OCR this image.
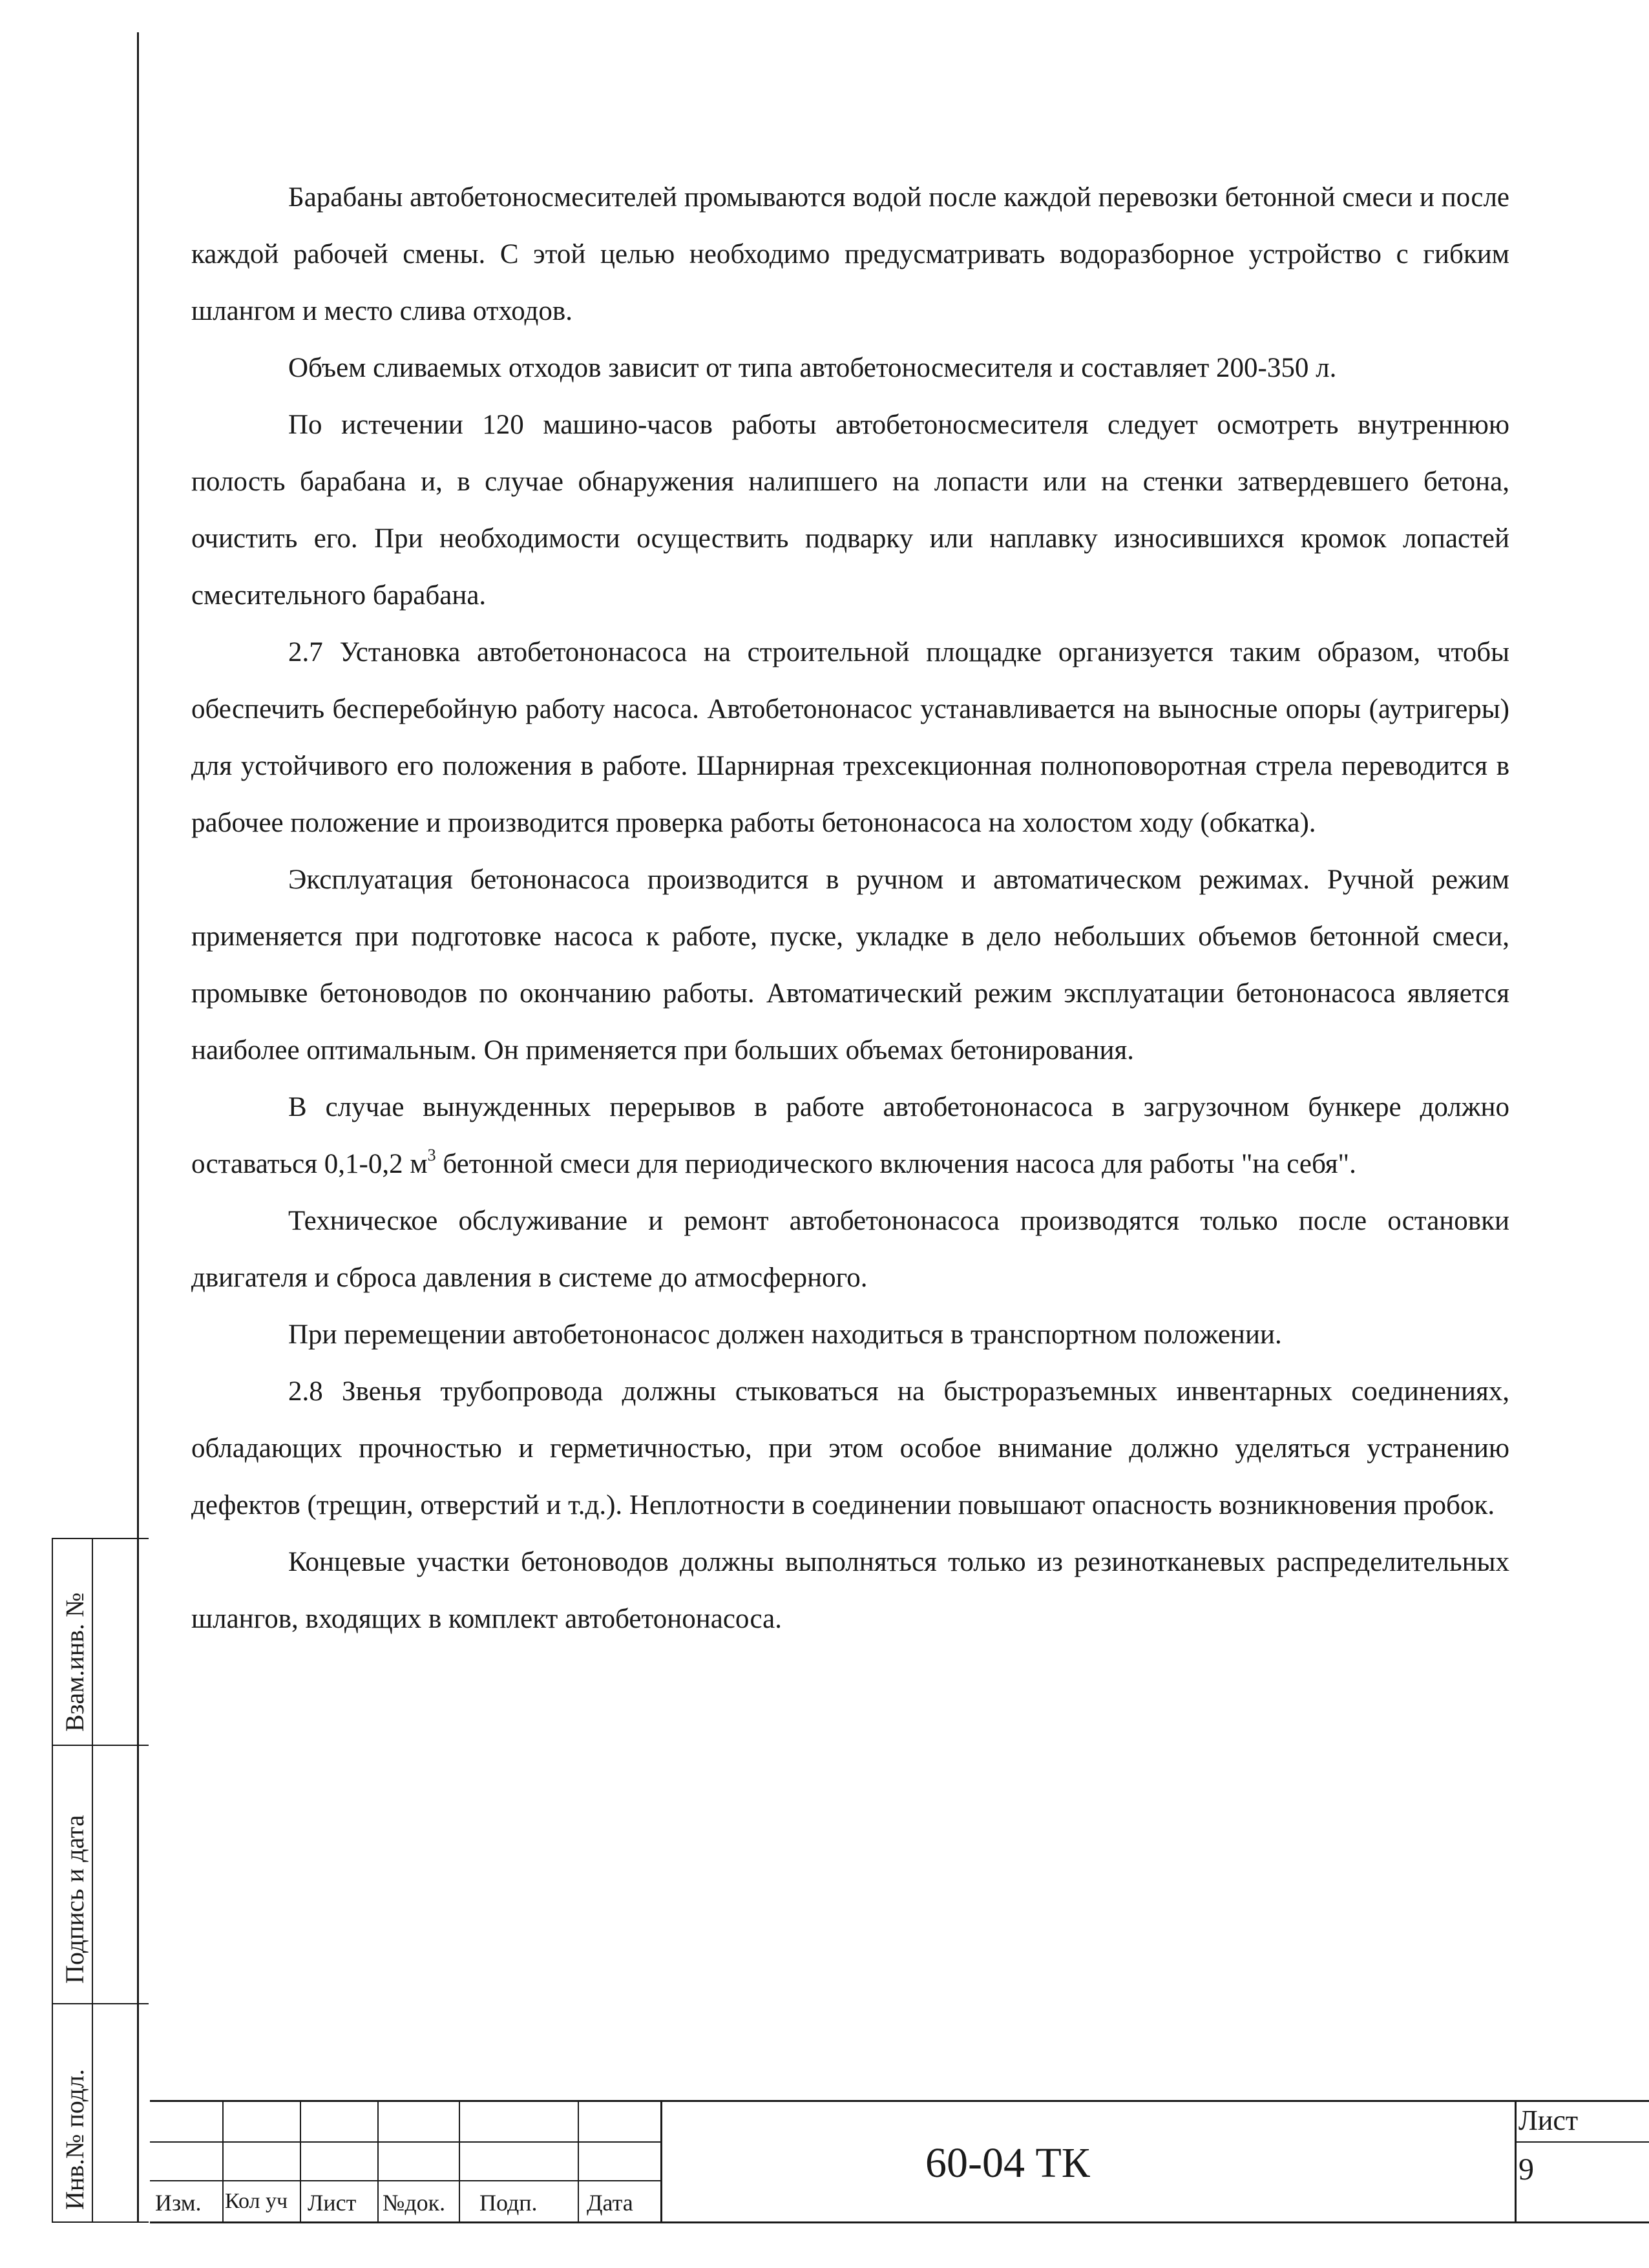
Барабаны автобетоносмесителей промываются водой после каждой перевозки бетонной смеси и после каждой рабочей смены. С этой целью необходимо предусматривать водоразборное устройство с гибким шлангом и место слива отходов.

Объем сливаемых отходов зависит от типа автобетоносмесителя и составляет 200-350 л.

По истечении 120 машино-часов работы автобетоносмесителя следует осмотреть внутреннюю полость барабана и, в случае обнаружения налипшего на лопасти или на стенки затвердевшего бетона, очистить его. При необходимости осуществить подварку или наплавку износившихся кромок лопастей смесительного барабана.

2.7 Установка автобетононасоса на строительной площадке организуется таким образом, чтобы обеспечить бесперебойную работу насоса. Автобетононасос устанавливается на выносные опоры (аутригеры) для устойчивого его положения в работе. Шарнирная трехсекционная полноповоротная стрела переводится в рабочее положение и производится проверка работы бетононасоса на холостом ходу (обкатка).

Эксплуатация бетононасоса производится в ручном и автоматическом режимах. Ручной режим применяется при подготовке насоса к работе, пуске, укладке в дело небольших объемов бетонной смеси, промывке бетоноводов по окончанию работы. Автоматический режим эксплуатации бетононасоса является наиболее оптимальным. Он применяется при больших объемах бетонирования.

В случае вынужденных перерывов в работе автобетононасоса в загрузочном бункере должно оставаться 0,1-0,2 $м^3$ бетонной смеси для периодического включения насоса для работы "на себя".

Техническое обслуживание и ремонт автобетононасоса производятся только после остановки двигателя и сброса давления в системе до атмосферного.

При перемещении автобетононасос должен находиться в транспортном положении.

2.8 Звенья трубопровода должны стыковаться на быстроразъемных инвентарных соединениях, обладающих прочностью и герметичностью, при этом особое внимание должно уделяться устранению дефектов (трещин, отверстий и т.д.). Неплотности в соединении повышают опасность возникновения пробок.

Концевые участки бетоноводов должны выполняться только из резинотканевых распределительных шлангов, входящих в комплект автобетононасоса.

Взам.инв. №
Подпись и дата
Инв.№ подл.	Изм. Кол уч Лист №док. Подп. Дата
60-04 ТК
Лист
9
